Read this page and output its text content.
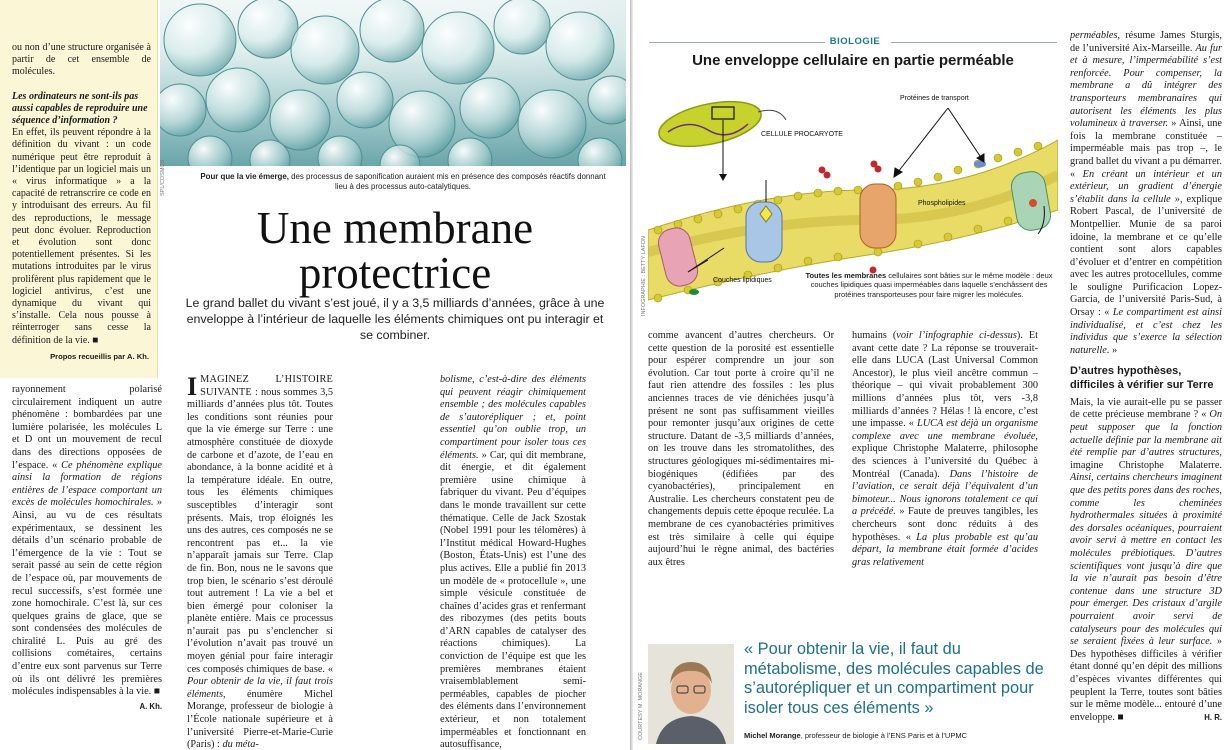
ou non d’une structure organisée à partir de cet ensemble de molécules.

Les ordinateurs ne sont-ils pas aussi capables de reproduire une séquence d’information ?

En effet, ils peuvent répondre à la définition du vivant : un code numérique peut être reproduit à l’identique par un logiciel mais un « virus informatique » a la capacité de retranscrire ce code en y introduisant des erreurs. Au fil des reproductions, le message peut donc évoluer. Reproduction et évolution sont donc potentiellement présentes. Si les mutations introduites par le virus prolifèrent plus rapidement que le logiciel antivirus, c’est une dynamique du vivant qui s’installe. Cela nous pousse à réinterroger sans cesse la définition de la vie. ■

Propos recueillis par A. Kh.

rayonnement polarisé circulairement indiquent un autre phénomène : bombardées par une lumière polarisée, les molécules L et D ont un mouvement de recul dans des directions opposées de l’espace. « Ce phénomène explique ainsi la formation de régions entières de l’espace comportant un excès de molécules homochirales. » Ainsi, au vu de ces résultats expérimentaux, se dessinent les détails d’un scénario probable de l’émergence de la vie : Tout se serait passé au sein de cette région de l’espace où, par mouvements de recul successifs, s’est formée une zone homochirale. C’est là, sur ces quelques grains de glace, que se sont condensées des molécules de chiralité L. Puis au gré des collisions cométaires, certains d’entre eux sont parvenus sur Terre où ils ont délivré les premières molécules indispensables à la vie. ■
A. Kh.

SPL/COSMOS	Pour que la vie émerge, des processus de saponification auraient mis en présence des composés réactifs donnant lieu à des processus auto-catalytiques.

Une membrane
protectrice

Le grand ballet du vivant s’est joué, il y a 3,5 milliards d’années, grâce à une enveloppe à l’intérieur de laquelle les éléments chimiques ont pu interagir et se combiner.

IMAGINEZ L’HISTOIRE SUIVANTE : nous sommes 3,5 milliards d’années plus tôt. Toutes les conditions sont réunies pour que la vie émerge sur Terre : une atmosphère constituée de dioxyde de carbone et d’azote, de l’eau en abondance, à la bonne acidité et à la température idéale. En outre, tous les éléments chimiques susceptibles d’interagir sont présents. Mais, trop éloignés les uns des autres, ces composés ne se rencontrent pas et... la vie n’apparaît jamais sur Terre. Clap de fin. Bon, nous ne le savons que trop bien, le scénario s’est déroulé tout autrement ! La vie a bel et bien émergé pour coloniser la planète entière. Mais ce processus n’aurait pas pu s’enclencher si l’évolution n’avait pas trouvé un moyen génial pour faire interagir ces composés chimiques de base. « Pour obtenir de la vie, il faut trois éléments, énumère Michel Morange, professeur de biologie à l’École nationale supérieure et à l’université Pierre-et-Marie-Curie (Paris) : du méta-

bolisme, c’est-à-dire des éléments qui peuvent réagir chimiquement ensemble ; des molécules capables de s’autorépliquer ; et, point essentiel qu’on oublie trop, un compartiment pour isoler tous ces éléments. » Car, qui dit membrane, dit énergie, et dit également première usine chimique à fabriquer du vivant. Peu d’équipes dans le monde travaillent sur cette thématique. Celle de Jack Szostak (Nobel 1991 pour les télomères) à l’Institut médical Howard-Hughes (Boston, États-Unis) est l’une des plus actives. Elle a publié fin 2013 un modèle de « protocellule », une simple vésicule constituée de chaînes d’acides gras et renfermant des ribozymes (des petits bouts d’ARN capables de catalyser des réactions chimiques). La conviction de l’équipe est que les premières membranes étaient vraisemblablement semi-perméables, capables de piocher des éléments dans l’environnement extérieur, et non totalement imperméables et fonctionnant en autosuffisance,

BIOLOGIE
Une enveloppe cellulaire en partie perméable
CELLULE PROCARYOTE
Protéines de transport
Phospholipides
Couches lipidiques

Toutes les membranes cellulaires sont bâties sur le même modèle : deux couches lipidiques quasi imperméables dans laquelle s’enchâssent des protéines transporteuses pour faire migrer les molécules.

INFOGRAPHIE : BETTY LAFON

comme avancent d’autres chercheurs. Or cette question de la porosité est essentielle pour espérer comprendre un jour son évolution. Car tout porte à croire qu’il ne faut rien attendre des fossiles : les plus anciennes traces de vie dénichées jusqu’à présent ne sont pas suffisamment vieilles pour remonter jusqu’aux origines de cette structure. Datant de -3,5 milliards d’années, on les trouve dans les stromatolithes, des structures géologiques mi-sédimentaires mi-biogéniques (édifiées par des cyanobactéries), principalement en Australie. Les chercheurs constatent peu de changements depuis cette époque reculée. La membrane de ces cyanobactéries primitives est très similaire à celle qui équipe aujourd’hui le règne animal, des bactéries aux êtres

humains (voir l’infographie ci-dessus). Et avant cette date ? La réponse se trouverait-elle dans LUCA (Last Universal Common Ancestor), le plus vieil ancêtre commun – théorique – qui vivait probablement 300 millions d’années plus tôt, vers -3,8 milliards d’années ? Hélas ! là encore, c’est une impasse. « LUCA est déjà un organisme complexe avec une membrane évoluée, explique Christophe Malaterre, philosophe des sciences à l’université du Québec à Montréal (Canada). Dans l’histoire de l’aviation, ce serait déjà l’équivalent d’un bimoteur... Nous ignorons totalement ce qui a précédé. » Faute de preuves tangibles, les chercheurs sont donc réduits à des hypothèses. « La plus probable est qu’au départ, la membrane était formée d’acides gras relativement

COURTESY M. MORANGE

« Pour obtenir la vie, il faut du métabolisme, des molécules capables de s’autorépliquer et un compartiment pour isoler tous ces éléments »

Michel Morange, professeur de biologie à l’ENS Paris et à l’UPMC

perméables, résume James Sturgis, de l’université Aix-Marseille. Au fur et à mesure, l’imperméabilité s’est renforcée. Pour compenser, la membrane a dû intégrer des transporteurs membranaires qui autorisent les éléments les plus volumineux à traverser. » Ainsi, une fois la membrane constituée – imperméable mais pas trop –, le grand ballet du vivant a pu démarrer. « En créant un intérieur et un extérieur, un gradient d’énergie s’établit dans la cellule », explique Robert Pascal, de l’université de Montpellier. Munie de sa paroi idoine, la membrane et ce qu’elle contient sont alors capables d’évoluer et d’entrer en compétition avec les autres protocellules, comme le souligne Purificacion Lopez-Garcia, de l’université Paris-Sud, à Orsay : « Le compartiment est ainsi individualisé, et c’est chez les individus que s’exerce la sélection naturelle. »

D’autres hypothèses, difficiles à vérifier sur Terre

Mais, la vie aurait-elle pu se passer de cette précieuse membrane ? « On peut supposer que la fonction actuelle définie par la membrane ait été remplie par d’autres structures, imagine Christophe Malaterre. Ainsi, certains chercheurs imaginent que des petits pores dans des roches, comme les cheminées hydrothermales situées à proximité des dorsales océaniques, pourraient avoir servi à mettre en contact les molécules prébiotiques. D’autres scientifiques vont jusqu’à dire que la vie n’aurait pas besoin d’être contenue dans une structure 3D pour émerger. Des cristaux d’argile pourraient avoir servi de catalyseurs pour des molécules qui se seraient fixées à leur surface. » Des hypothèses difficiles à vérifier étant donné qu’en dépit des millions d’espèces vivantes différentes qui peuplent la Terre, toutes sont bâties sur le même modèle... entouré d’une enveloppe. ■	H. R.
